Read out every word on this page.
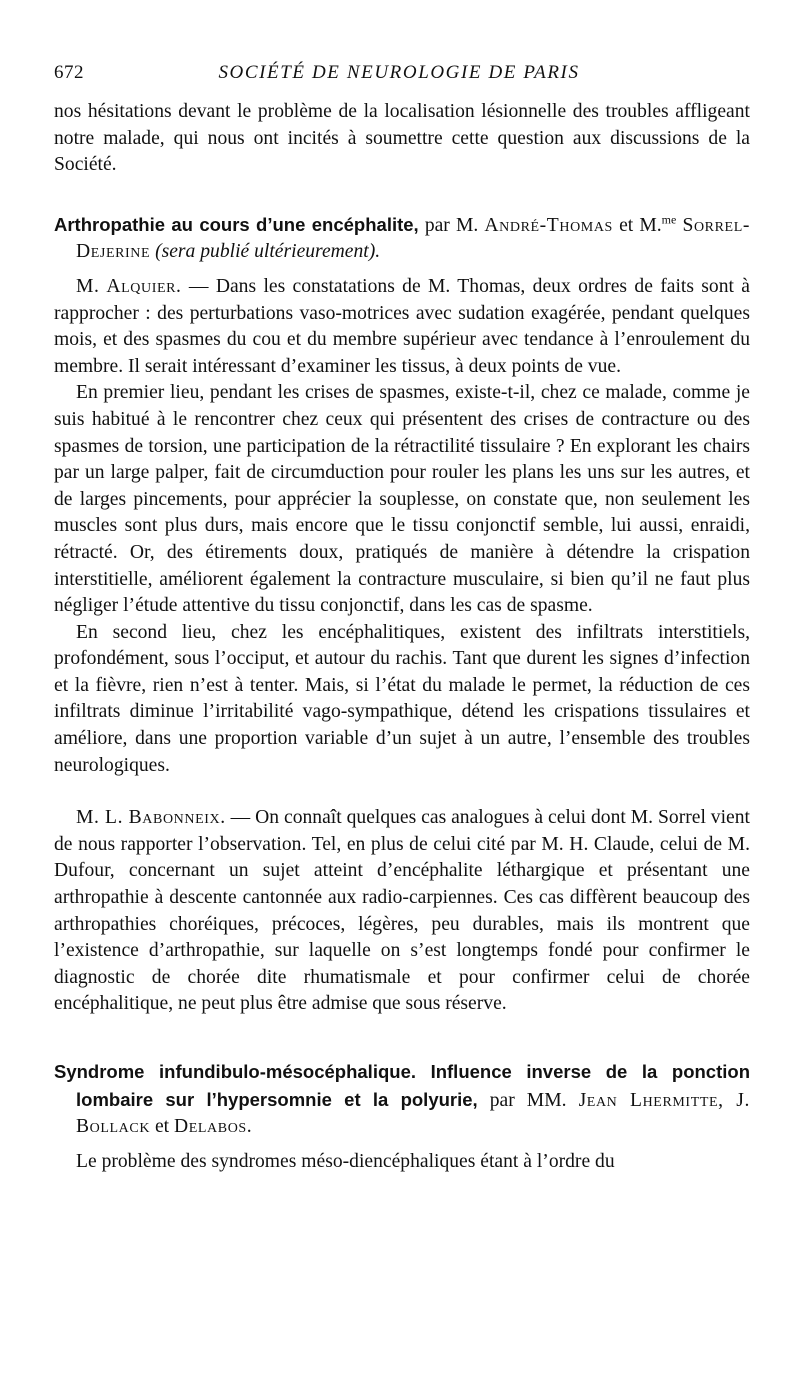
672	SOCIÉTÉ DE NEUROLOGIE DE PARIS

nos hésitations devant le problème de la localisation lésionnelle des troubles affligeant notre malade, qui nous ont incités à soumettre cette question aux discussions de la Société.

Arthropathie au cours d’une encéphalite, par M. André-Thomas et M.$^{me}$ Sorrel-Dejerine (sera publié ultérieurement).

M. Alquier. — Dans les constatations de M. Thomas, deux ordres de faits sont à rapprocher : des perturbations vaso-motrices avec sudation exagérée, pendant quelques mois, et des spasmes du cou et du membre supérieur avec tendance à l’enroulement du membre. Il serait intéressant d’examiner les tissus, à deux points de vue.

En premier lieu, pendant les crises de spasmes, existe-t-il, chez ce malade, comme je suis habitué à le rencontrer chez ceux qui présentent des crises de contracture ou des spasmes de torsion, une participation de la rétractilité tissulaire ? En explorant les chairs par un large palper, fait de circumduction pour rouler les plans les uns sur les autres, et de larges pincements, pour apprécier la souplesse, on constate que, non seulement les muscles sont plus durs, mais encore que le tissu conjonctif semble, lui aussi, enraidi, rétracté. Or, des étirements doux, pratiqués de manière à détendre la crispation interstitielle, améliorent également la contracture musculaire, si bien qu’il ne faut plus négliger l’étude attentive du tissu conjonctif, dans les cas de spasme.

En second lieu, chez les encéphalitiques, existent des infiltrats interstitiels, profondément, sous l’occiput, et autour du rachis. Tant que durent les signes d’infection et la fièvre, rien n’est à tenter. Mais, si l’état du malade le permet, la réduction de ces infiltrats diminue l’irritabilité vago-sympathique, détend les crispations tissulaires et améliore, dans une proportion variable d’un sujet à un autre, l’ensemble des troubles neurologiques.

M. L. Babonneix. — On connaît quelques cas analogues à celui dont M. Sorrel vient de nous rapporter l’observation. Tel, en plus de celui cité par M. H. Claude, celui de M. Dufour, concernant un sujet atteint d’encéphalite léthargique et présentant une arthropathie à descente cantonnée aux radio-carpiennes. Ces cas diffèrent beaucoup des arthropathies choréiques, précoces, légères, peu durables, mais ils montrent que l’existence d’arthropathie, sur laquelle on s’est longtemps fondé pour confirmer le diagnostic de chorée dite rhumatismale et pour confirmer celui de chorée encéphalitique, ne peut plus être admise que sous réserve.

Syndrome infundibulo-mésocéphalique. Influence inverse de la ponction lombaire sur l’hypersomnie et la polyurie, par MM. Jean Lhermitte, J. Bollack et Delabos.

Le problème des syndromes méso-diencéphaliques étant à l’ordre du
